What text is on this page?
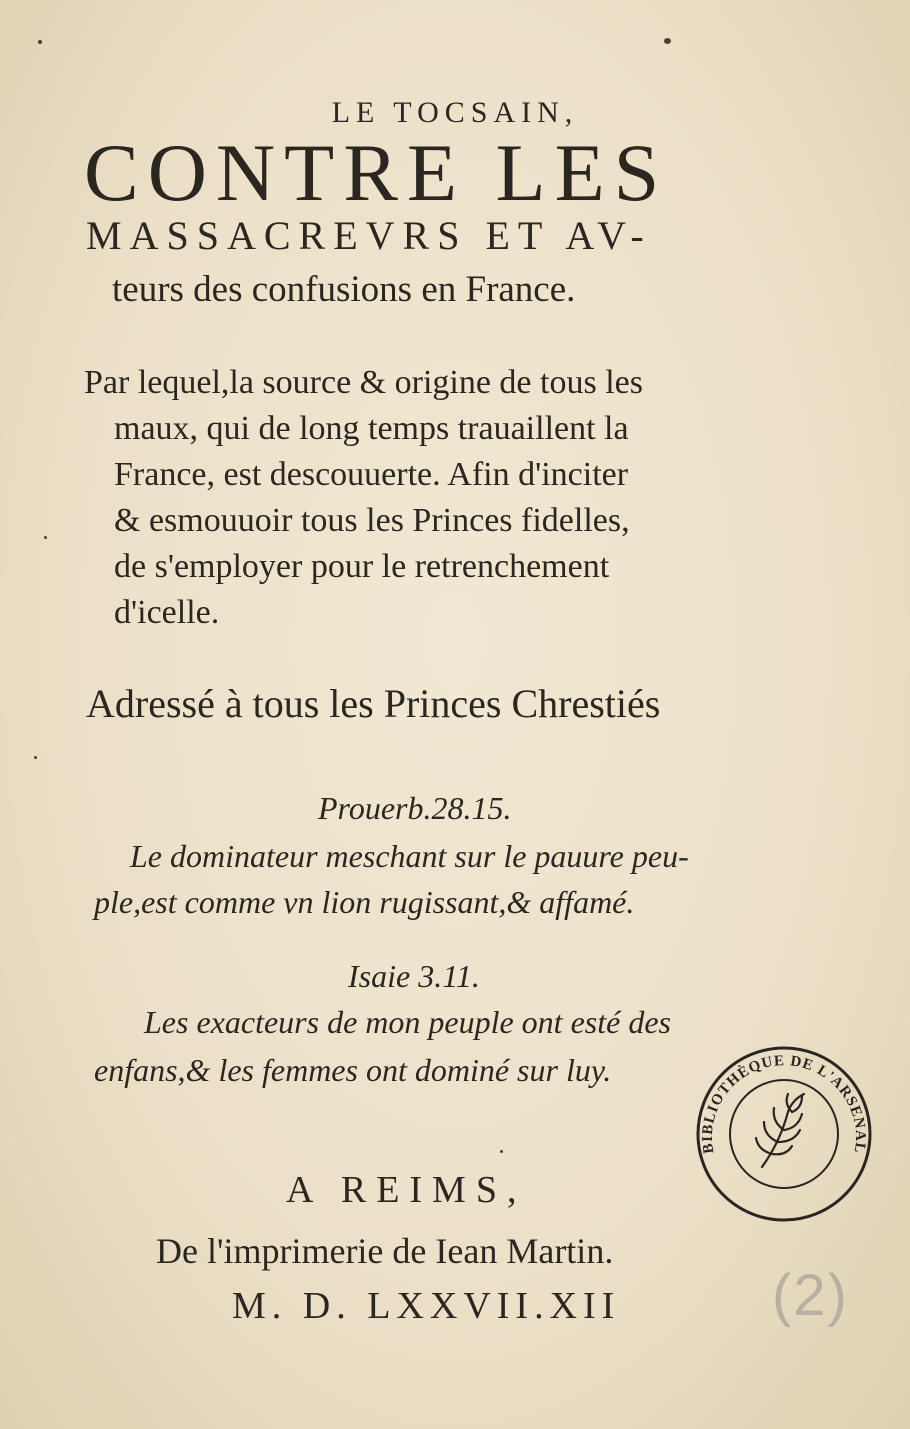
LE TOCSAIN,
CONTRE LES
MASSACREVRS ET AV-
teurs des confusions en France.
Par lequel,la source & origine de tous les
maux, qui de long temps trauaillent la
France, est descouuerte. Afin d'inciter
& esmouuoir tous les Princes fidelles,
de s'employer pour le retrenchement
d'icelle.
Adressé à tous les Princes Chrestiés
Prouerb.28.15.
Le dominateur meschant sur le pauure peu-
ple,est comme vn lion rugissant,& affamé.
Isaie 3.11.
Les exacteurs de mon peuple ont esté des
enfans,& les femmes ont dominé sur luy.
A REIMS,
De l'imprimerie de Iean Martin.
M. D. LXXVII.XII
BIBLIOTHÈQUE DE L'ARSENAL
(2)
